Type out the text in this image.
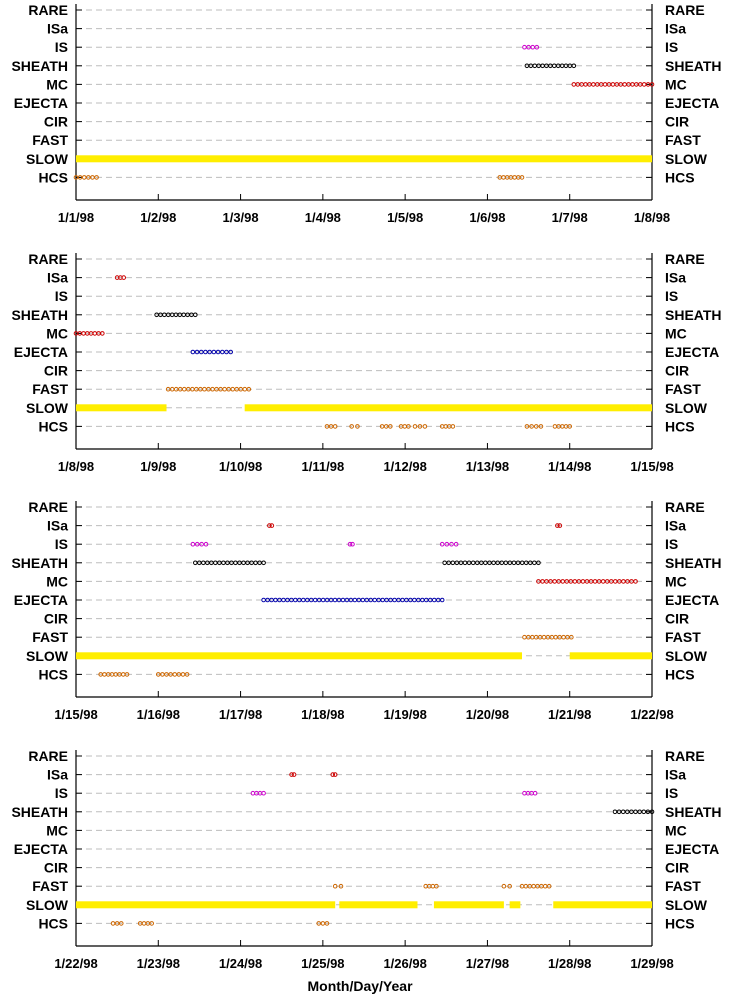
RARE	RARE
ISa	ISa
IS	IS
SHEATH	SHEATH
MC	MC
EJECTA	EJECTA
CIR	CIR
FAST	FAST
SLOW	SLOW
HCS	HCS
1/1/98	1/2/98	1/3/98	1/4/98	1/5/98	1/6/98	1/7/98	1/8/98
RARE	RARE
ISa	ISa
IS	IS
SHEATH	SHEATH
MC	MC
EJECTA	EJECTA
CIR	CIR
FAST	FAST
SLOW	SLOW
HCS	HCS
1/8/98	1/9/98	1/10/98	1/11/98	1/12/98	1/13/98	1/14/98	1/15/98
RARE	RARE
ISa	ISa
IS	IS
SHEATH	SHEATH
MC	MC
EJECTA	EJECTA
CIR	CIR
FAST	FAST
SLOW	SLOW
HCS	HCS
1/15/98	1/16/98	1/17/98	1/18/98	1/19/98	1/20/98	1/21/98	1/22/98
RARE	RARE
ISa	ISa
IS	IS
SHEATH	SHEATH
MC	MC
EJECTA	EJECTA
CIR	CIR
FAST	FAST
SLOW	SLOW
HCS	HCS
1/22/98	1/23/98	1/24/98	1/25/98	1/26/98	1/27/98	1/28/98	1/29/98
Month/Day/Year
